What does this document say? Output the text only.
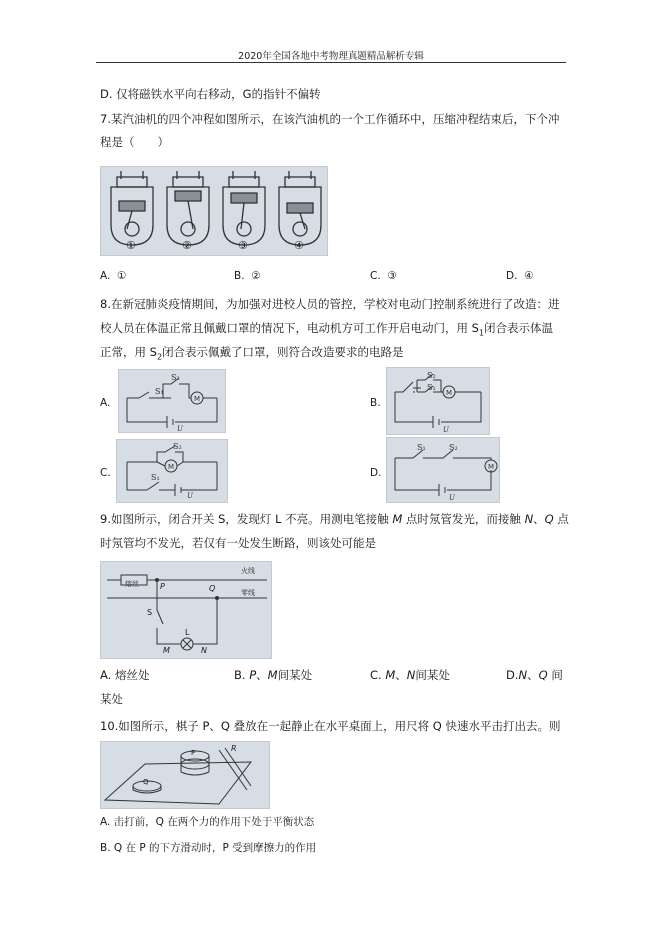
2020年全国各地中考物理真题精品解析专辑
D. 仅将磁铁水平向右移动，G的指针不偏转
7.某汽油机的四个冲程如图所示，在该汽油机的一个工作循环中，压缩冲程结束后，下个冲
程是（　　）
①	②	③	④
A. ①	B. ②	C. ③	D. ④
8.在新冠肺炎疫情期间，为加强对进校人员的管控，学校对电动门控制系统进行了改造：进
校人员在体温正常且佩戴口罩的情况下，电动机方可工作开启电动门，用 $S_1$闭合表示体温
正常，用 $S_2$闭合表示佩戴了口罩，则符合改造要求的电路是
A.
S₂
S₁
M
U
B.
S₂
S₁
M
U
C.
S₂
S₁
M
U
D.
S₁	S₂
M
U
9.如图所示，闭合开关 S，发现灯 L 不亮。用测电笔接触 M 点时氖管发光，而接触 N、Q 点
时氖管均不发光，若仅有一处发生断路，则该处可能是
熔丝
火线
零线
P	Q
S
L
M	N
A. 熔丝处	B. P、M间某处	C. M、N间某处	D.N、Q 间
某处
10.如图所示，棋子 P、Q 叠放在一起静止在水平桌面上，用尺将 Q 快速水平击打出去。则
P
Q
R
A. 击打前，Q 在两个力的作用下处于平衡状态
B. Q 在 P 的下方滑动时，P 受到摩擦力的作用
